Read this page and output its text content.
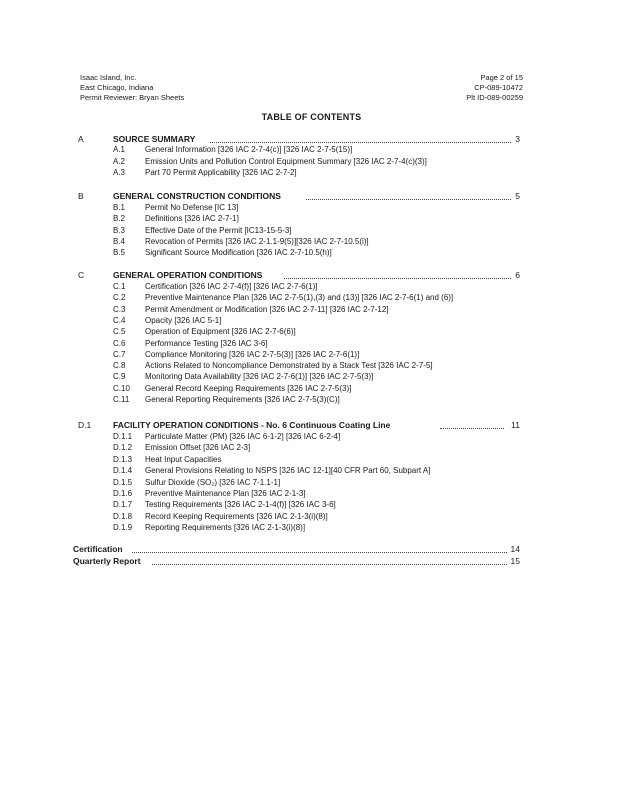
Isaac Island, Inc.
East Chicago, Indiana
Permit Reviewer: Bryan Sheets
Page 2 of 15
CP-089-10472
Plt ID-089-00259
TABLE OF CONTENTS
A	SOURCE SUMMARY	3
A.1 General Information [326 IAC 2-7-4(c)] [326 IAC 2-7-5(15)]
A.2 Emission Units and Pollution Control Equipment Summary [326 IAC 2-7-4(c)(3)]
A.3 Part 70 Permit Applicability [326 IAC 2-7-2]
B	GENERAL CONSTRUCTION CONDITIONS	5
B.1 Permit No Defense [IC 13]
B.2 Definitions [326 IAC 2-7-1]
B.3 Effective Date of the Permit [IC13-15-5-3]
B.4 Revocation of Permits [326 IAC 2-1.1-9(5)][326 IAC 2-7-10.5(i)]
B.5 Significant Source Modification [326 IAC 2-7-10.5(h)]
C	GENERAL OPERATION CONDITIONS	6
C.1 Certification [326 IAC 2-7-4(f)] [326 IAC 2-7-6(1)]
C.2 Preventive Maintenance Plan [326 IAC 2-7-5(1),(3) and (13)] [326 IAC 2-7-6(1) and (6)]
C.3 Permit Amendment or Modification [326 IAC 2-7-11] [326 IAC 2-7-12]
C.4 Opacity [326 IAC 5-1]
C.5 Operation of Equipment [326 IAC 2-7-6(6)]
C.6 Performance Testing [326 IAC 3-6]
C.7 Compliance Monitoring [326 IAC 2-7-5(3)] [326 IAC 2-7-6(1)]
C.8 Actions Related to Noncompliance Demonstrated by a Stack Test [326 IAC 2-7-5]
C.9 Monitoring Data Availability [326 IAC 2-7-6(1)] [326 IAC 2-7-5(3)]
C.10 General Record Keeping Requirements [326 IAC 2-7-5(3)]
C.11 General Reporting Requirements [326 IAC 2-7-5(3)(C)]
D.1	FACILITY OPERATION CONDITIONS - No. 6 Continuous Coating Line	11
D.1.1 Particulate Matter (PM) [326 IAC 6-1-2] [326 IAC 6-2-4]
D.1.2 Emission Offset [326 IAC 2-3]
D.1.3 Heat Input Capacities
D.1.4 General Provisions Relating to NSPS [326 IAC 12-1][40 CFR Part 60, Subpart A]
D.1.5 Sulfur Dioxide (SO₂) [326 IAC 7-1.1-1]
D.1.6 Preventive Maintenance Plan [326 IAC 2-1-3]
D.1.7 Testing Requirements [326 IAC 2-1-4(f)] [326 IAC 3-6]
D.1.8 Record Keeping Requirements [326 IAC 2-1-3(i)(8)]
D.1.9 Reporting Requirements [326 IAC 2-1-3(i)(8)]
Certification	14
Quarterly Report	15
